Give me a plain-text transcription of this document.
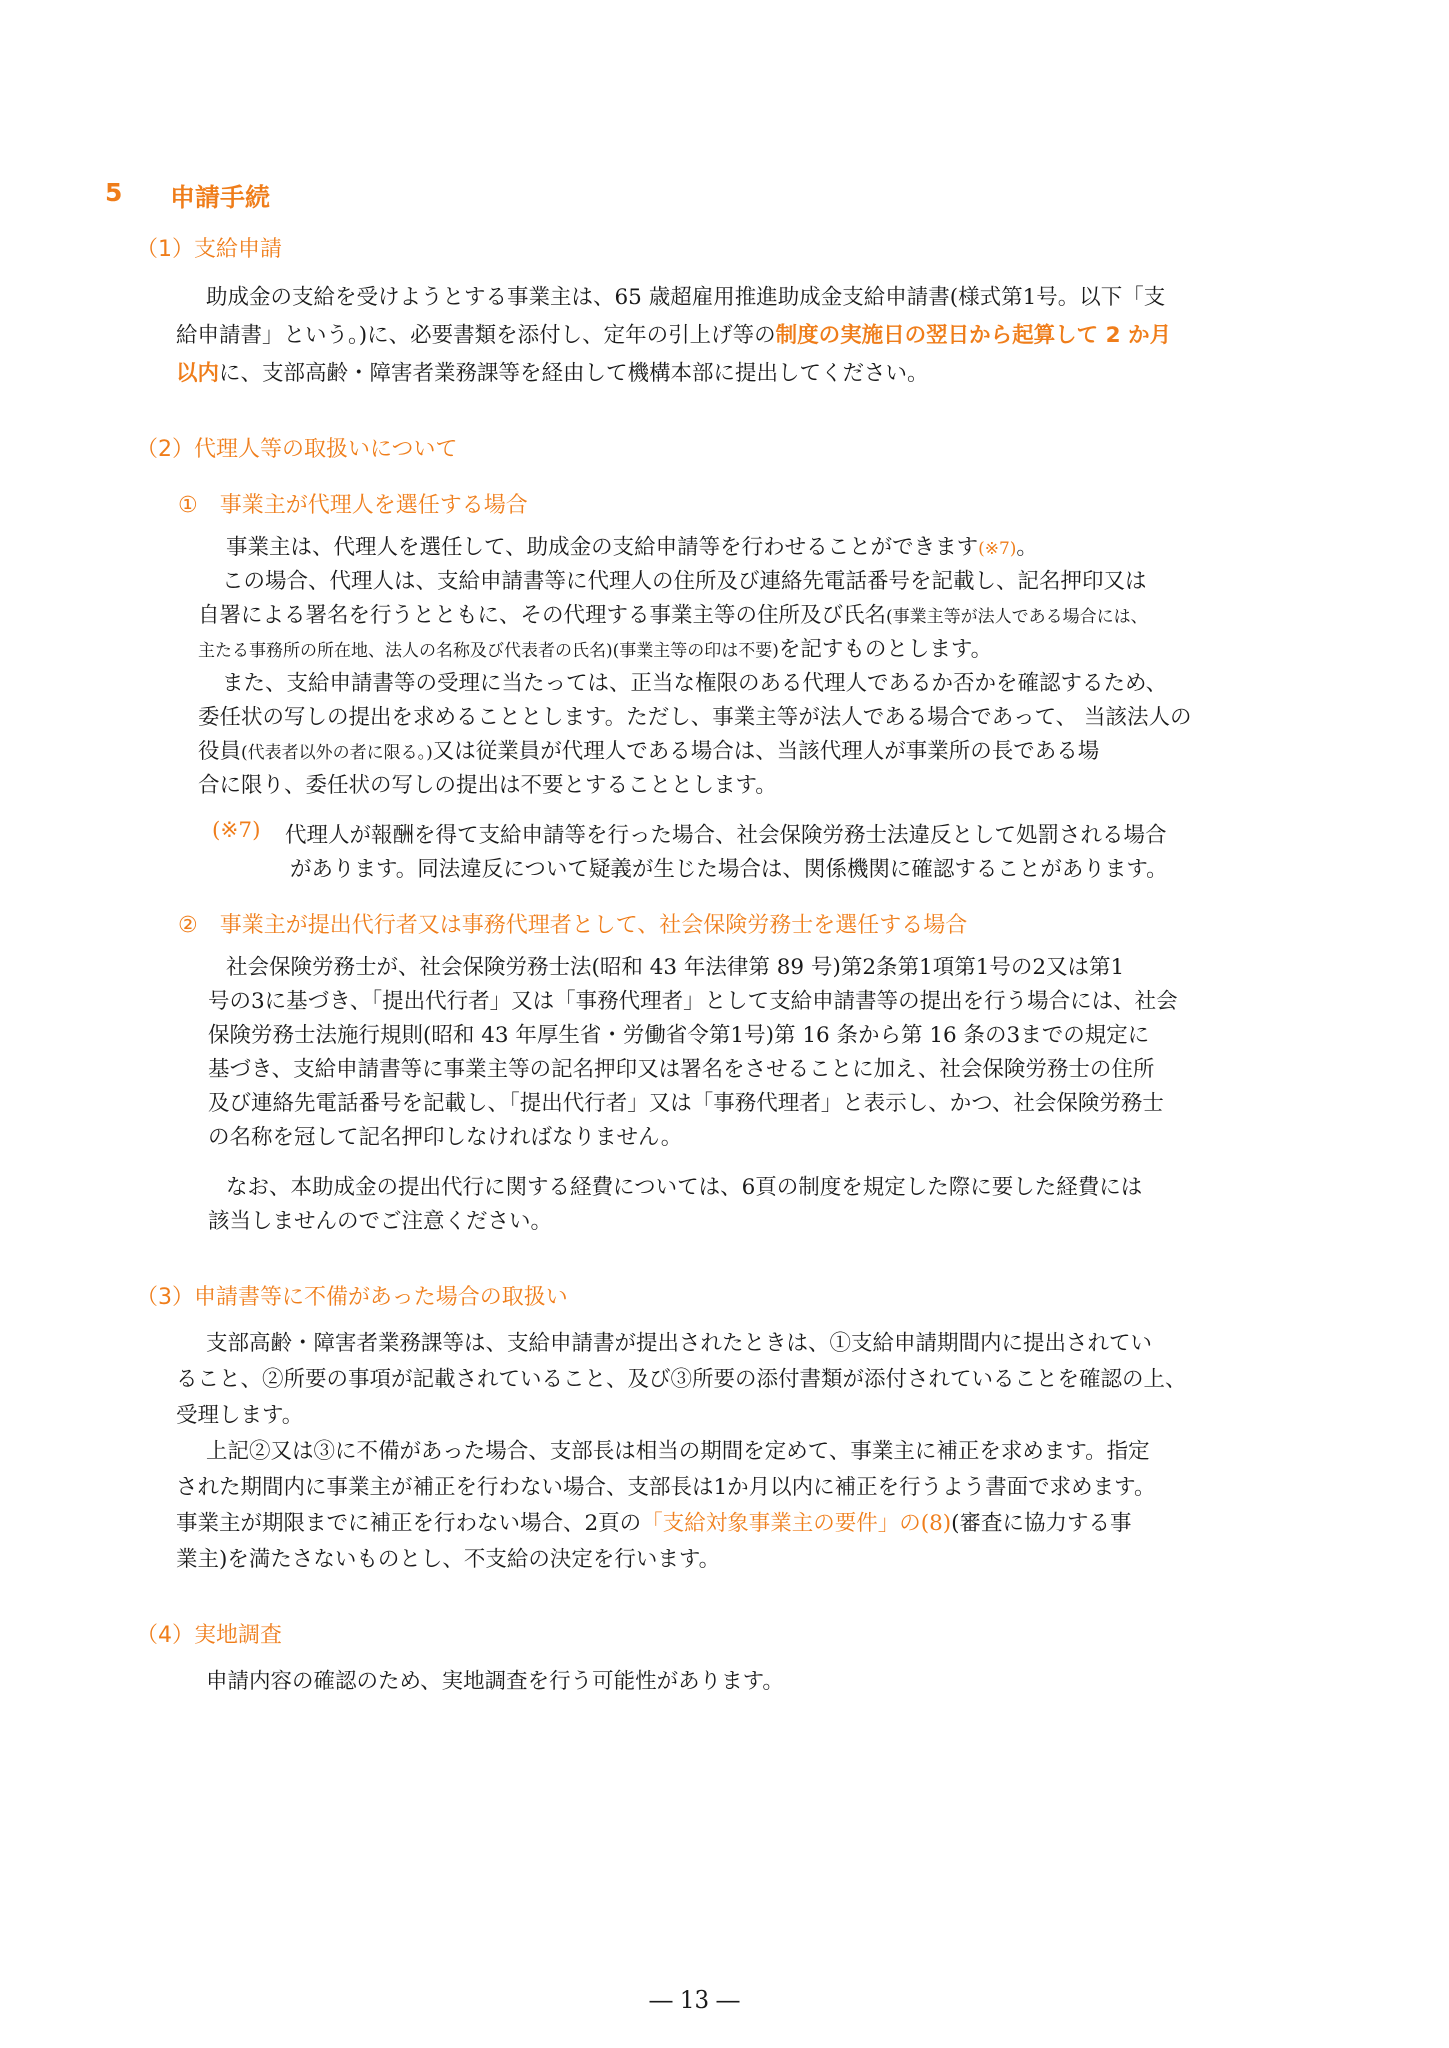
5 申請手続
（1）支給申請
助成金の支給を受けようとする事業主は、65 歳超雇用推進助成金支給申請書(様式第1号。以下「支
給申請書」という。)に、必要書類を添付し、定年の引上げ等の制度の実施日の翌日から起算して 2 か月
以内に、支部高齢・障害者業務課等を経由して機構本部に提出してください。
（2）代理人等の取扱いについて
①　事業主が代理人を選任する場合
事業主は、代理人を選任して、助成金の支給申請等を行わせることができます(※7)。
この場合、代理人は、支給申請書等に代理人の住所及び連絡先電話番号を記載し、記名押印又は
自署による署名を行うとともに、その代理する事業主等の住所及び氏名(事業主等が法人である場合には、
主たる事務所の所在地、法人の名称及び代表者の氏名)(事業主等の印は不要)を記すものとします。
また、支給申請書等の受理に当たっては、正当な権限のある代理人であるか否かを確認するため、
委任状の写しの提出を求めることとします。ただし、事業主等が法人である場合であって、 当該法人の
役員(代表者以外の者に限る。)又は従業員が代理人である場合は、当該代理人が事業所の長である場
合に限り、委任状の写しの提出は不要とすることとします。
(※7) 代理人が報酬を得て支給申請等を行った場合、社会保険労務士法違反として処罰される場合
があります。同法違反について疑義が生じた場合は、関係機関に確認することがあります。
②　事業主が提出代行者又は事務代理者として、社会保険労務士を選任する場合
社会保険労務士が、社会保険労務士法(昭和 43 年法律第 89 号)第2条第1項第1号の2又は第1
号の3に基づき、「提出代行者」又は「事務代理者」として支給申請書等の提出を行う場合には、社会
保険労務士法施行規則(昭和 43 年厚生省・労働省令第1号)第 16 条から第 16 条の3までの規定に
基づき、支給申請書等に事業主等の記名押印又は署名をさせることに加え、社会保険労務士の住所
及び連絡先電話番号を記載し、「提出代行者」又は「事務代理者」と表示し、かつ、社会保険労務士
の名称を冠して記名押印しなければなりません。
なお、本助成金の提出代行に関する経費については、6頁の制度を規定した際に要した経費には
該当しませんのでご注意ください。
（3）申請書等に不備があった場合の取扱い
支部高齢・障害者業務課等は、支給申請書が提出されたときは、①支給申請期間内に提出されてい
ること、②所要の事項が記載されていること、及び③所要の添付書類が添付されていることを確認の上、
受理します。
上記②又は③に不備があった場合、支部長は相当の期間を定めて、事業主に補正を求めます。指定
された期間内に事業主が補正を行わない場合、支部長は1か月以内に補正を行うよう書面で求めます。
事業主が期限までに補正を行わない場合、2頁の「支給対象事業主の要件」の(8)(審査に協力する事
業主)を満たさないものとし、不支給の決定を行います。
（4）実地調査
申請内容の確認のため、実地調査を行う可能性があります。
― 13 ―
